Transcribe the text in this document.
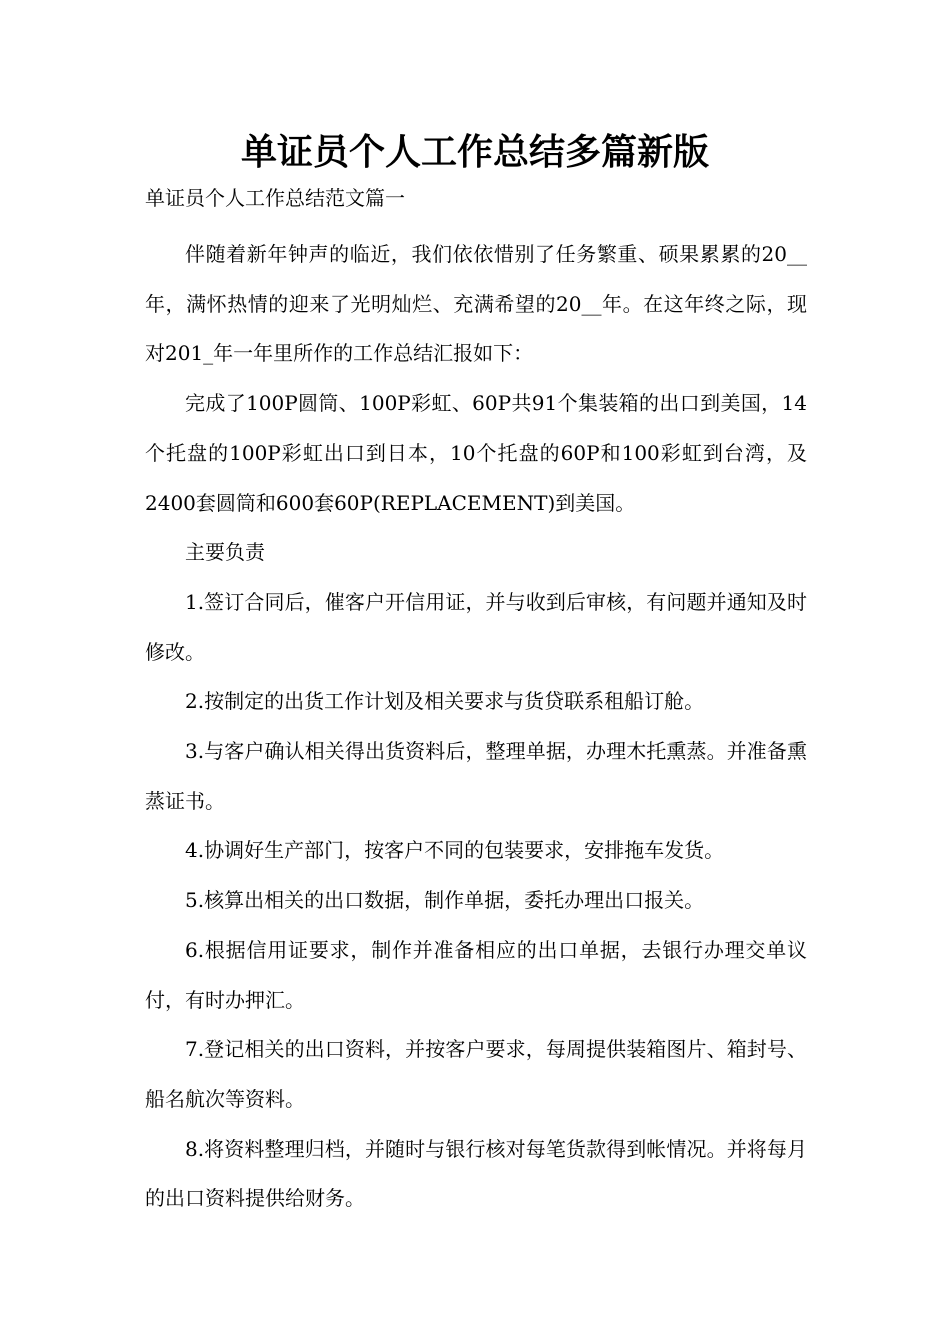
单证员个人工作总结多篇新版
单证员个人工作总结范文篇一

伴随着新年钟声的临近，我们依依惜别了任务繁重、硕果累累的20__年，满怀热情的迎来了光明灿烂、充满希望的20__年。在这年终之际，现对201_年一年里所作的工作总结汇报如下：

完成了100P圆筒、100P彩虹、60P共91个集装箱的出口到美国，14个托盘的100P彩虹出口到日本，10个托盘的60P和100彩虹到台湾，及2400套圆筒和600套60P(REPLACEMENT)到美国。

主要负责

1.签订合同后，催客户开信用证，并与收到后审核，有问题并通知及时修改。

2.按制定的出货工作计划及相关要求与货贷联系租船订舱。

3.与客户确认相关得出货资料后，整理单据，办理木托熏蒸。并准备熏蒸证书。

4.协调好生产部门，按客户不同的包装要求，安排拖车发货。

5.核算出相关的出口数据，制作单据，委托办理出口报关。

6.根据信用证要求，制作并准备相应的出口单据，去银行办理交单议付，有时办押汇。

7.登记相关的出口资料，并按客户要求，每周提供装箱图片、箱封号、船名航次等资料。

8.将资料整理归档，并随时与银行核对每笔货款得到帐情况。并将每月的出口资料提供给财务。
